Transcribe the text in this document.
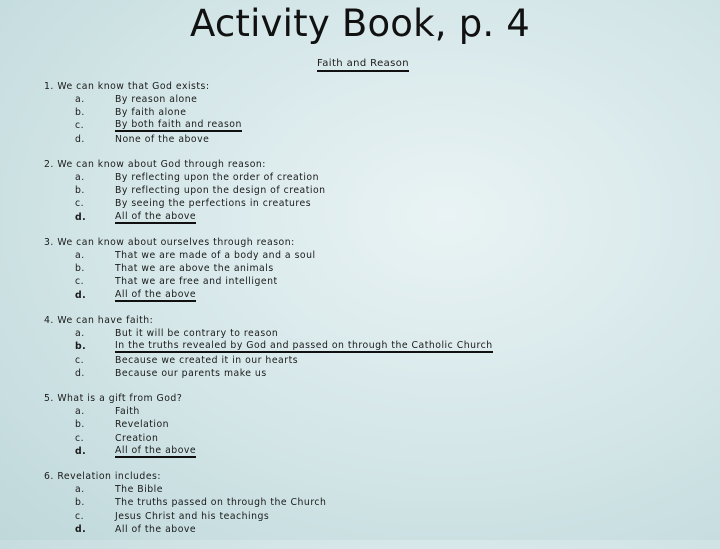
Activity Book, p. 4
Faith and Reason
1. We can know that God exists:
a.	By reason alone
b.	By faith alone
c.	By both faith and reason
d.	None of the above
2. We can know about God through reason:
a.	By reflecting upon the order of creation
b.	By reflecting upon the design of creation
c.	By seeing the perfections in creatures
d.	All of the above
3. We can know about ourselves through reason:
a.	That we are made of a body and a soul
b.	That we are above the animals
c.	That we are free and intelligent
d.	All of the above
4. We can have faith:
a.	But it will be contrary to reason
b.	In the truths revealed by God and passed on through the Catholic Church
c.	Because we created it in our hearts
d.	Because our parents make us
5. What is a gift from God?
a.	Faith
b.	Revelation
c.	Creation
d.	All of the above
6. Revelation includes:
a.	The Bible
b.	The truths passed on through the Church
c.	Jesus Christ and his teachings
d.	All of the above
